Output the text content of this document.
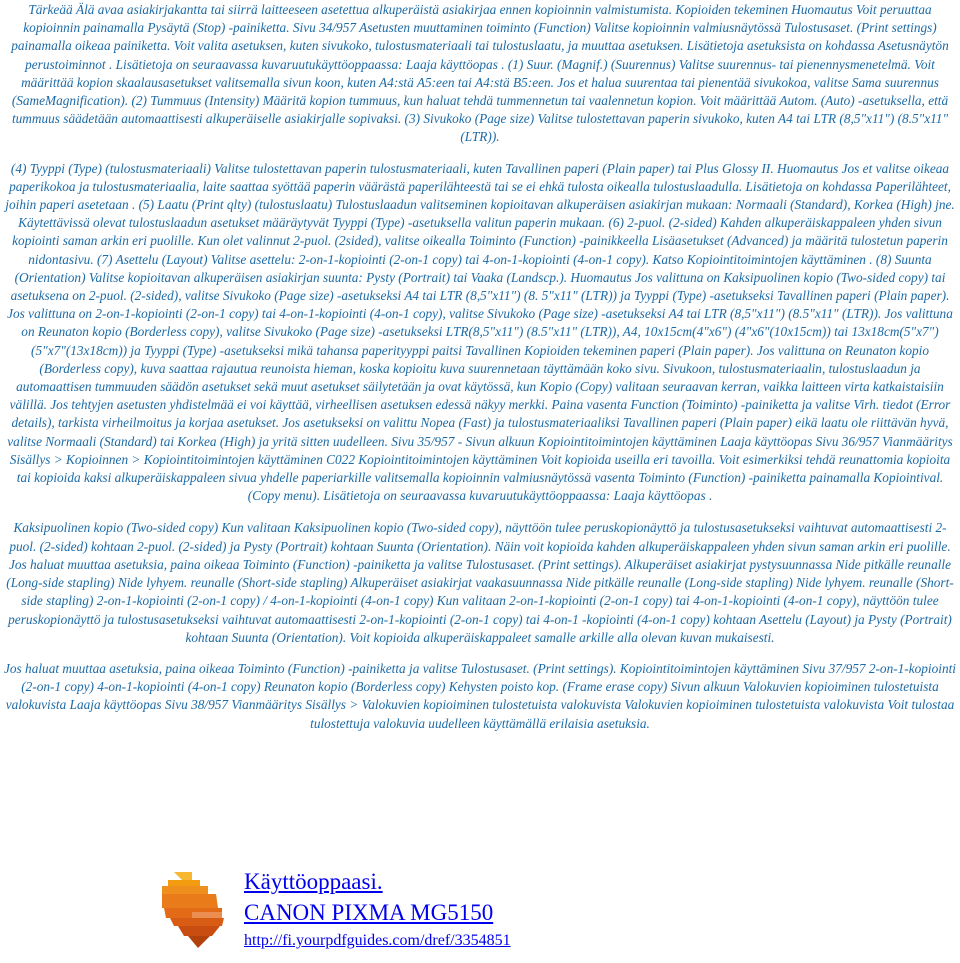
Tärkeää Älä avaa asiakirjakantta tai siirrä laitteeseen asetettua alkuperäistä asiakirjaa ennen kopioinnin valmistumista. Kopioiden tekeminen Huomautus Voit peruuttaa kopioinnin painamalla Pysäytä (Stop) -painiketta. Sivu 34/957 Asetusten muuttaminen toiminto (Function) Valitse kopioinnin valmiusnäytössä Tulostusaset. (Print settings) painamalla oikeaa painiketta. Voit valita asetuksen, kuten sivukoko, tulostusmateriaali tai tulostuslaatu, ja muuttaa asetuksen. Lisätietoja asetuksista on kohdassa Asetusnäytön perustoiminnot . Lisätietoja on seuraavassa kuvaruutukäyttöoppaassa: Laaja käyttöopas . (1) Suur. (Magnif.) (Suurennus) Valitse suurennus- tai pienennysmenetelmä. Voit määrittää kopion skaalausasetukset valitsemalla sivun koon, kuten A4:stä A5:een tai A4:stä B5:een. Jos et halua suurentaa tai pienentää sivukokoa, valitse Sama suurennus (SameMagnification). (2) Tummuus (Intensity) Määritä kopion tummuus, kun haluat tehdä tummennetun tai vaalennetun kopion. Voit määrittää Autom. (Auto) -asetuksella, että tummuus säädetään automaattisesti alkuperäiselle asiakirjalle sopivaksi. (3) Sivukoko (Page size) Valitse tulostettavan paperin sivukoko, kuten A4 tai LTR (8,5"x11") (8.5"x11" (LTR)).

(4) Tyyppi (Type) (tulostusmateriaali) Valitse tulostettavan paperin tulostusmateriaali, kuten Tavallinen paperi (Plain paper) tai Plus Glossy II. Huomautus Jos et valitse oikeaa paperikokoa ja tulostusmateriaalia, laite saattaa syöttää paperin väärästä paperilähteestä tai se ei ehkä tulosta oikealla tulostuslaadulla. Lisätietoja on kohdassa Paperilähteet, joihin paperi asetetaan . (5) Laatu (Print qlty) (tulostuslaatu) Tulostuslaadun valitseminen kopioitavan alkuperäisen asiakirjan mukaan: Normaali (Standard), Korkea (High) jne. Käytettävissä olevat tulostuslaadun asetukset määräytyvät Tyyppi (Type) -asetuksella valitun paperin mukaan. (6) 2-puol. (2-sided) Kahden alkuperäiskappaleen yhden sivun kopiointi saman arkin eri puolille. Kun olet valinnut 2-puol. (2sided), valitse oikealla Toiminto (Function) -painikkeella Lisäasetukset (Advanced) ja määritä tulostetun paperin nidontasivu. (7) Asettelu (Layout) Valitse asettelu: 2-on-1-kopiointi (2-on-1 copy) tai 4-on-1-kopiointi (4-on-1 copy). Katso Kopiointitoimintojen käyttäminen . (8) Suunta (Orientation) Valitse kopioitavan alkuperäisen asiakirjan suunta: Pysty (Portrait) tai Vaaka (Landscp.). Huomautus Jos valittuna on Kaksipuolinen kopio (Two-sided copy) tai asetuksena on 2-puol. (2-sided), valitse Sivukoko (Page size) -asetukseksi A4 tai LTR (8,5"x11") (8. 5"x11" (LTR)) ja Tyyppi (Type) -asetukseksi Tavallinen paperi (Plain paper). Jos valittuna on 2-on-1-kopiointi (2-on-1 copy) tai 4-on-1-kopiointi (4-on-1 copy), valitse Sivukoko (Page size) -asetukseksi A4 tai LTR (8,5"x11") (8.5"x11" (LTR)). Jos valittuna on Reunaton kopio (Borderless copy), valitse Sivukoko (Page size) -asetukseksi LTR(8,5"x11") (8.5"x11" (LTR)), A4, 10x15cm(4"x6") (4"x6"(10x15cm)) tai 13x18cm(5"x7") (5"x7"(13x18cm)) ja Tyyppi (Type) -asetukseksi mikä tahansa paperityyppi paitsi Tavallinen Kopioiden tekeminen paperi (Plain paper). Jos valittuna on Reunaton kopio (Borderless copy), kuva saattaa rajautua reunoista hieman, koska kopioitu kuva suurennetaan täyttämään koko sivu. Sivukoon, tulostusmateriaalin, tulostuslaadun ja automaattisen tummuuden säädön asetukset sekä muut asetukset säilytetään ja ovat käytössä, kun Kopio (Copy) valitaan seuraavan kerran, vaikka laitteen virta katkaistaisiin välillä. Jos tehtyjen asetusten yhdistelmää ei voi käyttää, virheellisen asetuksen edessä näkyy merkki. Paina vasenta Function (Toiminto) -painiketta ja valitse Virh. tiedot (Error details), tarkista virheilmoitus ja korjaa asetukset. Jos asetukseksi on valittu Nopea (Fast) ja tulostusmateriaaliksi Tavallinen paperi (Plain paper) eikä laatu ole riittävän hyvä, valitse Normaali (Standard) tai Korkea (High) ja yritä sitten uudelleen. Sivu 35/957 - Sivun alkuun Kopiointitoimintojen käyttäminen Laaja käyttöopas Sivu 36/957 Vianmääritys Sisällys > Kopioinnen > Kopiointitoimintojen käyttäminen C022 Kopiointitoimintojen käyttäminen Voit kopioida useilla eri tavoilla. Voit esimerkiksi tehdä reunattomia kopioita tai kopioida kaksi alkuperäiskappaleen sivua yhdelle paperiarkille valitsemalla kopioinnin valmiusnäytössä vasenta Toiminto (Function) -painiketta painamalla Kopiointival. (Copy menu). Lisätietoja on seuraavassa kuvaruutukäyttöoppaassa: Laaja käyttöopas .

Kaksipuolinen kopio (Two-sided copy) Kun valitaan Kaksipuolinen kopio (Two-sided copy), näyttöön tulee peruskopionäyttö ja tulostusasetukseksi vaihtuvat automaattisesti 2-puol. (2-sided) kohtaan 2-puol. (2-sided) ja Pysty (Portrait) kohtaan Suunta (Orientation). Näin voit kopioida kahden alkuperäiskappaleen yhden sivun saman arkin eri puolille. Jos haluat muuttaa asetuksia, paina oikeaa Toiminto (Function) -painiketta ja valitse Tulostusaset. (Print settings). Alkuperäiset asiakirjat pystysuunnassa Nide pitkälle reunalle (Long-side stapling) Nide lyhyem. reunalle (Short-side stapling) Alkuperäiset asiakirjat vaakasuunnassa Nide pitkälle reunalle (Long-side stapling) Nide lyhyem. reunalle (Short-side stapling) 2-on-1-kopiointi (2-on-1 copy) / 4-on-1-kopiointi (4-on-1 copy) Kun valitaan 2-on-1-kopiointi (2-on-1 copy) tai 4-on-1-kopiointi (4-on-1 copy), näyttöön tulee peruskopionäyttö ja tulostusasetukseksi vaihtuvat automaattisesti 2-on-1-kopiointi (2-on-1 copy) tai 4-on-1 -kopiointi (4-on-1 copy) kohtaan Asettelu (Layout) ja Pysty (Portrait) kohtaan Suunta (Orientation). Voit kopioida alkuperäiskappaleet samalle arkille alla olevan kuvan mukaisesti.

Jos haluat muuttaa asetuksia, paina oikeaa Toiminto (Function) -painiketta ja valitse Tulostusaset. (Print settings). Kopiointitoimintojen käyttäminen Sivu 37/957 2-on-1-kopiointi (2-on-1 copy) 4-on-1-kopiointi (4-on-1 copy) Reunaton kopio (Borderless copy) Kehysten poisto kop. (Frame erase copy) Sivun alkuun Valokuvien kopioiminen tulostetuista valokuvista Laaja käyttöopas Sivu 38/957 Vianmääritys Sisällys > Valokuvien kopioiminen tulostetuista valokuvista Valokuvien kopioiminen tulostetuista valokuvista Voit tulostaa tulostettuja valokuvia uudelleen käyttämällä erilaisia asetuksia.

Käyttöoppaasi.
CANON PIXMA MG5150
http://fi.yourpdfguides.com/dref/3354851
